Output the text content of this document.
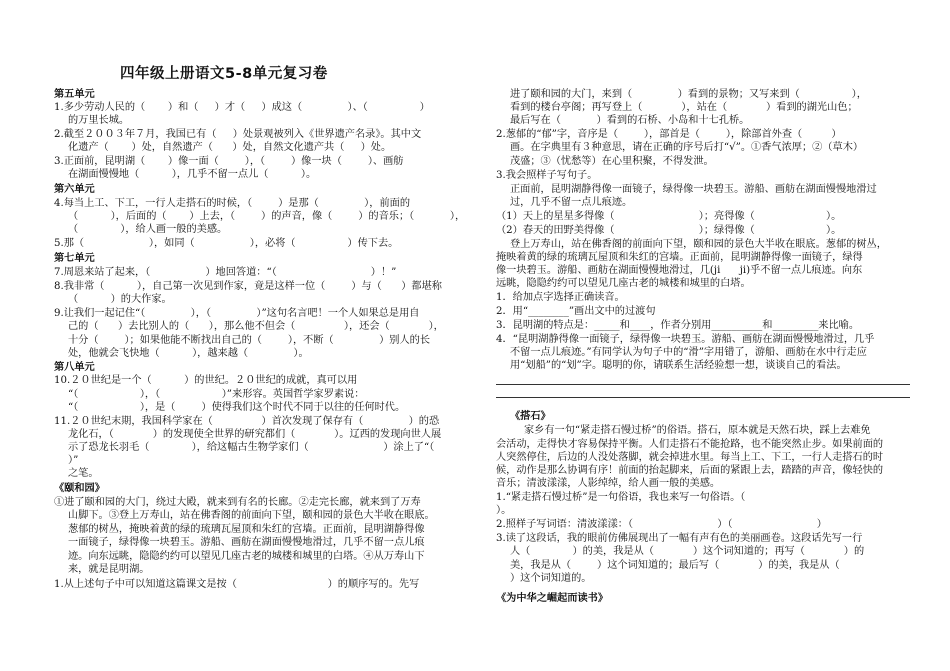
四年级上册语文5-8单元复习卷
第五单元
1.多少劳动人民的（       ）和（     ）才（     ）成这（              ）、（                ）
的万里长城。
2.截至２００３年７月，我国已有（     ）处景观被列入《世界遗产名录》。其中文
化遗产（       ）处，自然遗产（      ）处，自然文化遗产共（     ）处。
3.正面前，昆明湖（       ）像一面（        ），（        ）像一块（        ）、画舫
在湖面慢慢地（          ），几乎不留一点儿（          ）。
第六单元
4.每当上工、下工，一行人走搭石的时候，（        ）是那（              ），前面的
（          ），后面的（       ）上去，（        ）的声音，像（        ）的音乐；（           ），
（             ），给人画一般的美感。
5.那（                    ），如同（                 ），必将（                ）传下去。
第七单元
7.周恩来站了起来，（                 ）地回答道：“（                             ）！”
8.我非常（          ），自己第一次见到作家，竟是这样一位（        ）与（      ）都堪称
（          ）的大作家。
9.让我们一起记住“（              ），（              ）”这句名言吧！一个人如果总是用自
己的（      ）去比别人的（      ），那么他不但会（               ），还会（            ），
十分（        ）；如果他能不断找出自己的（        ），不断（              ）别人的长
处，他就会飞快地（          ），越来越（              ）。
第八单元
10.２０世纪是一个（          ）的世纪。２０世纪的成就，真可以用
“（                   ），（                   ）”来形容。英国哲学家罗素说：
“（                   ），是（        ）使得我们这个时代不同于以往的任何时代。
11.２０世纪末期，我国科学家在（               ）首次发现了保存有（              ）的恐
龙化石，（            ）的发现使全世界的研究都们（            ）。辽西的发现向世人展
示了恐龙长羽毛（             ），给这幅古生物学家们（                       ）涂上了“（
）”
之笔。
《颐和园》
①进了颐和园的大门，绕过大殿，就来到有名的长廊。②走完长廊，就来到了万寿
山脚下。③登上万寿山，站在佛香阁的前面向下望，颐和园的景色大半收在眼底。
葱郁的树丛，掩映着黄的绿的琉璃瓦屋顶和朱红的宫墙。正面前，昆明湖静得像
一面镜子，绿得像一块碧玉。游船、画舫在湖面慢慢地滑过，几乎不留一点儿痕
迹。向东远眺，隐隐约约可以望见几座古老的城楼和城里的白塔。④从万寿山下
来，就是昆明湖。
1.从上述句子中可以知道这篇课文是按（                            ）的顺序写的。先写
进了颐和园的大门，来到（              ）看到的景物；又写来到（                ），
看到的楼台亭阁；再写登上（            ），站在（            ）看到的湖光山色；
最后写在（           ）看到的石桥、小岛和十七孔桥。
2.葱郁的“郁”字，音序是（        ），部首是（        ），除部首外查（         ）
画。在字典里有３种意思，请在正确的序号后打“√”。①香气浓厚；②（草木）
茂盛；③（忧愁等）在心里积聚，不得发泄。
3.我会照样子写句子。
正面前，昆明湖静得像一面镜子，绿得像一块碧玉。游船、画舫在湖面慢慢地滑过
过，几乎不留一点儿痕迹。
（1）天上的星星多得像（                          ）；亮得像（                      ）。
（2）春天的田野美得像（                          ）；绿得像（                      ）。
登上万寿山，站在佛香阁的前面向下望，颐和园的景色大半收在眼底。葱郁的树丛，
掩映着黄的绿的琉璃瓦屋顶和朱红的宫墙。正面前，昆明湖静得像一面镜子，绿得
像一块碧玉。游船、画舫在湖面慢慢地滑过，几(ji      ji)乎不留一点儿痕迹。向东
远眺，隐隐约约可以望见几座古老的城楼和城里的白塔。
1．给加点字选择正确读音。
2．用“________”画出文中的过渡句
3．昆明湖的特点是：_____和____，作者分别用__________和_________来比喻。
4．“昆明湖静得像一面镜子，绿得像一块碧玉。游船、画舫在湖面慢慢地滑过，几乎
不留一点儿痕迹。”有同学认为句子中的“滑”字用错了，游船、画舫在水中行走应
用“划船”的“划”字。聪明的你，请联系生活经验想一想，谈谈自己的看法。
《搭石》
家乡有一句“紧走搭石慢过桥”的俗语。搭石，原本就是天然石块，踩上去难免
会活动，走得快才容易保持平衡。人们走搭石不能抢路，也不能突然止步。如果前面的
人突然停住，后边的人没处落脚，就会掉进水里。每当上工、下工，一行人走搭石的时
候，动作是那么协调有序！前面的抬起脚来，后面的紧跟上去，踏踏的声音，像轻快的
音乐；清波漾漾，人影绰绰，给人画一般的美感。
1.“紧走搭石慢过桥”是一句俗语，我也来写一句俗语。（
）。
2.照样子写词语：清波漾漾：（                          ）（                          ）
3.读了这段话，我的眼前仿佛展现出了一幅有声有色的美丽画卷。这段话先写一行
人（             ）的美，我是从（            ）这个词知道的；再写（            ）的
美，我是从（        ）这个词知道的；最后写（            ）的美，我是从（
）这个词知道的。
《为中华之崛起而读书》
